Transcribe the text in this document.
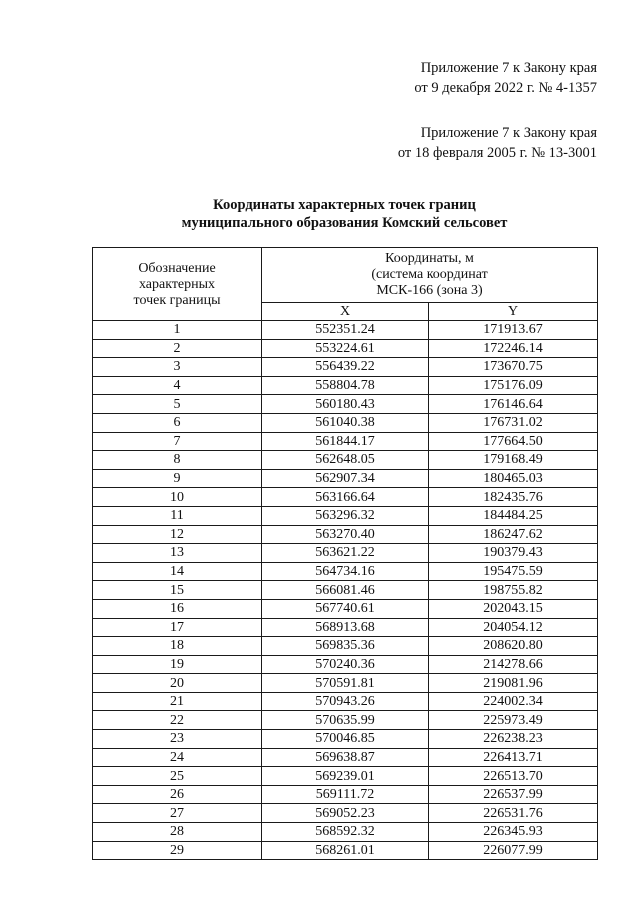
Приложение 7 к Закону края
от 9 декабря 2022 г. № 4-1357
Приложение 7 к Закону края
от 18 февраля 2005 г. № 13-3001
Координаты характерных точек границ
муниципального образования Комский сельсовет
Обозначение
характерных
точек границы	Координаты, м
(система координат
МСК-166 (зона 3)	

	X	Y
1	552351.24	171913.67
2	553224.61	172246.14
3	556439.22	173670.75
4	558804.78	175176.09
5	560180.43	176146.64
6	561040.38	176731.02
7	561844.17	177664.50
8	562648.05	179168.49
9	562907.34	180465.03
10	563166.64	182435.76
11	563296.32	184484.25
12	563270.40	186247.62
13	563621.22	190379.43
14	564734.16	195475.59
15	566081.46	198755.82
16	567740.61	202043.15
17	568913.68	204054.12
18	569835.36	208620.80
19	570240.36	214278.66
20	570591.81	219081.96
21	570943.26	224002.34
22	570635.99	225973.49
23	570046.85	226238.23
24	569638.87	226413.71
25	569239.01	226513.70
26	569111.72	226537.99
27	569052.23	226531.76
28	568592.32	226345.93
29	568261.01	226077.99
